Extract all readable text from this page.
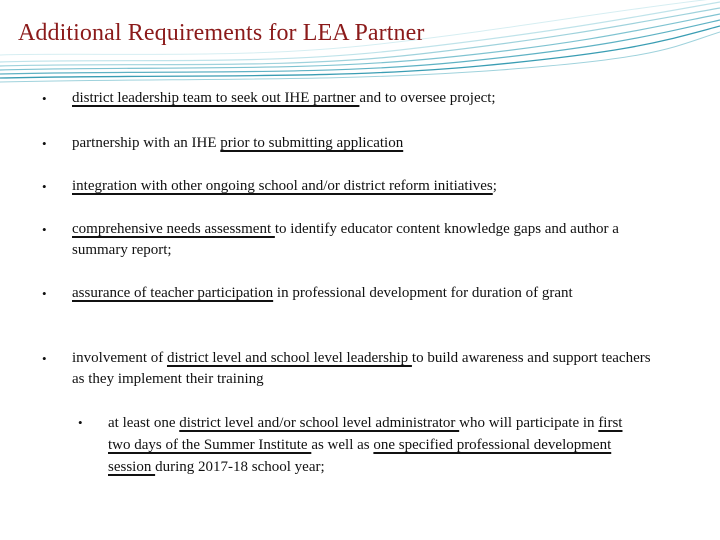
Additional Requirements for LEA Partner
• district leadership team to seek out IHE partner and to oversee project;
• partnership with an IHE prior to submitting application
• integration with other ongoing school and/or district reform initiatives;
• comprehensive needs assessment to identify educator content knowledge gaps and author a summary report;
• assurance of teacher participation in professional development for duration of grant
• involvement of district level and school level leadership to build awareness and support teachers as they implement their training
• at least one district level and/or school level administrator who will participate in first two days of the Summer Institute as well as one specified professional development session during 2017-18 school year;
